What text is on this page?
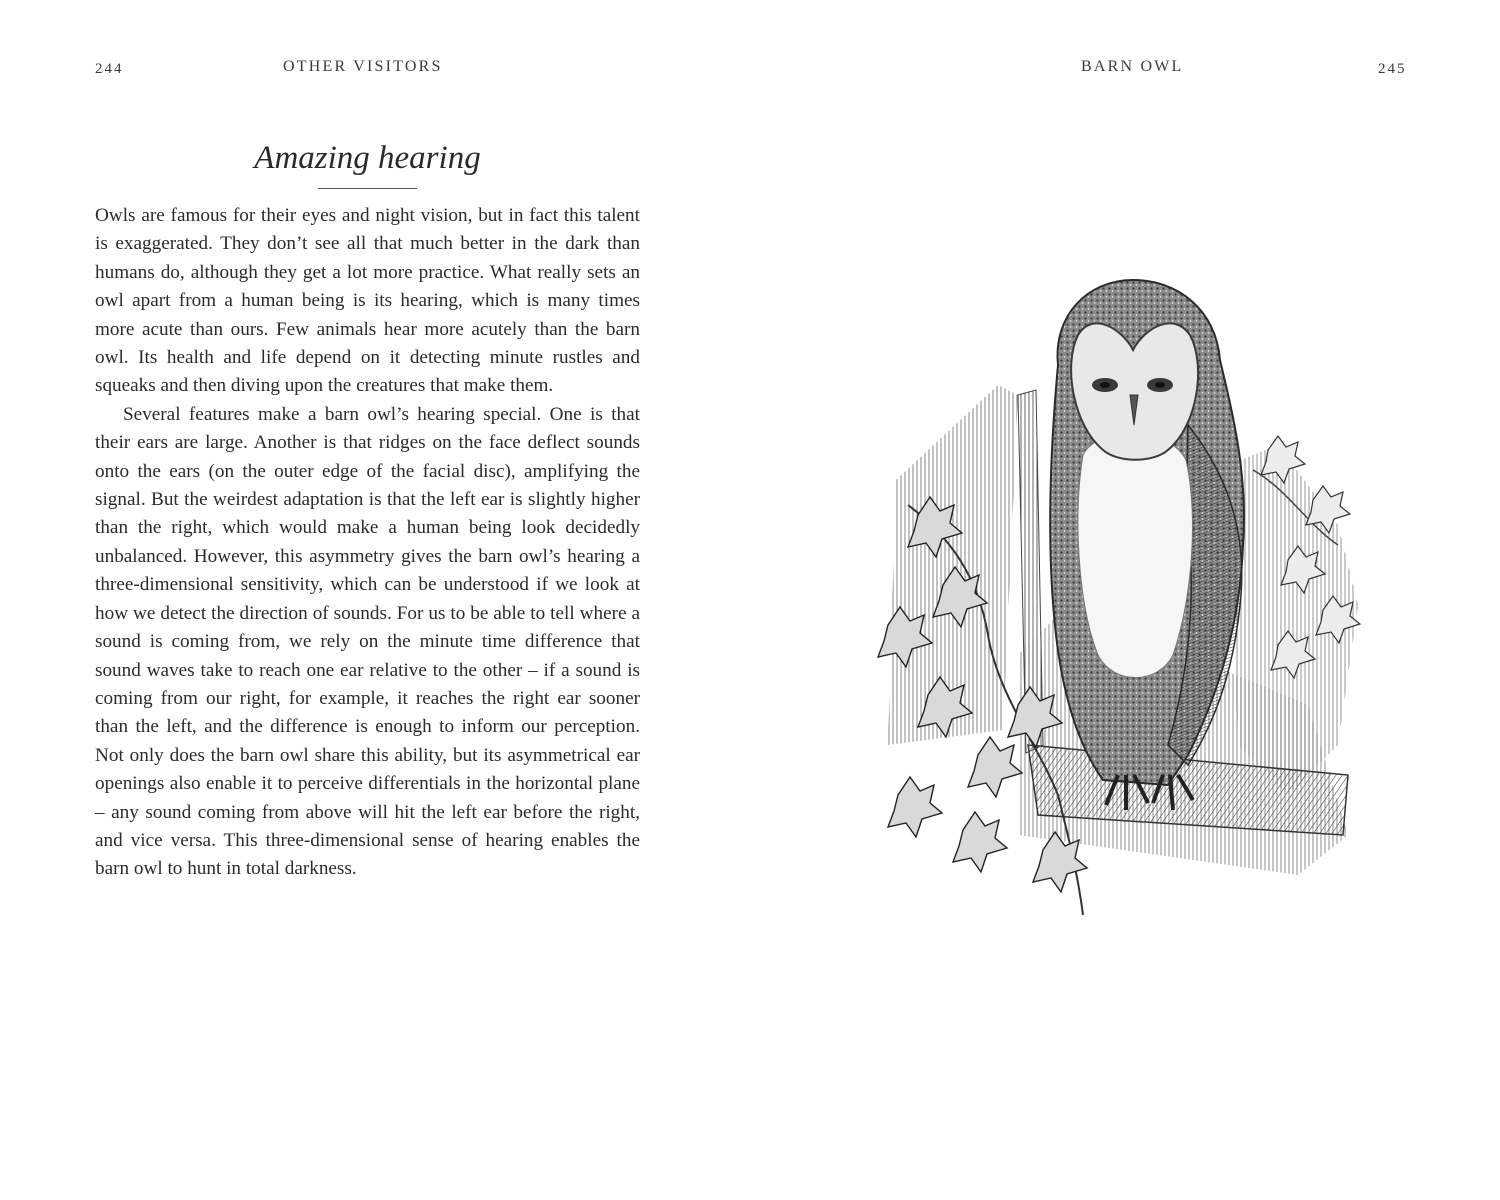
244	OTHER VISITORS
Amazing hearing

Owls are famous for their eyes and night vision, but in fact this talent is exaggerated. They don’t see all that much better in the dark than humans do, although they get a lot more practice. What really sets an owl apart from a human being is its hearing, which is many times more acute than ours. Few animals hear more acutely than the barn owl. Its health and life depend on it detecting minute rustles and squeaks and then diving upon the creatures that make them.

Several features make a barn owl’s hearing special. One is that their ears are large. Another is that ridges on the face deflect sounds onto the ears (on the outer edge of the facial disc), amplifying the signal. But the weirdest adaptation is that the left ear is slightly higher than the right, which would make a human being look decidedly unbalanced. However, this asymmetry gives the barn owl’s hearing a three-dimensional sensitivity, which can be understood if we look at how we detect the direction of sounds. For us to be able to tell where a sound is coming from, we rely on the minute time difference that sound waves take to reach one ear relative to the other – if a sound is coming from our right, for example, it reaches the right ear sooner than the left, and the difference is enough to inform our perception. Not only does the barn owl share this ability, but its asymmetrical ear openings also enable it to perceive differentials in the horizontal plane – any sound coming from above will hit the left ear before the right, and vice versa. This three-dimensional sense of hearing enables the barn owl to hunt in total darkness.

BARN OWL	245
